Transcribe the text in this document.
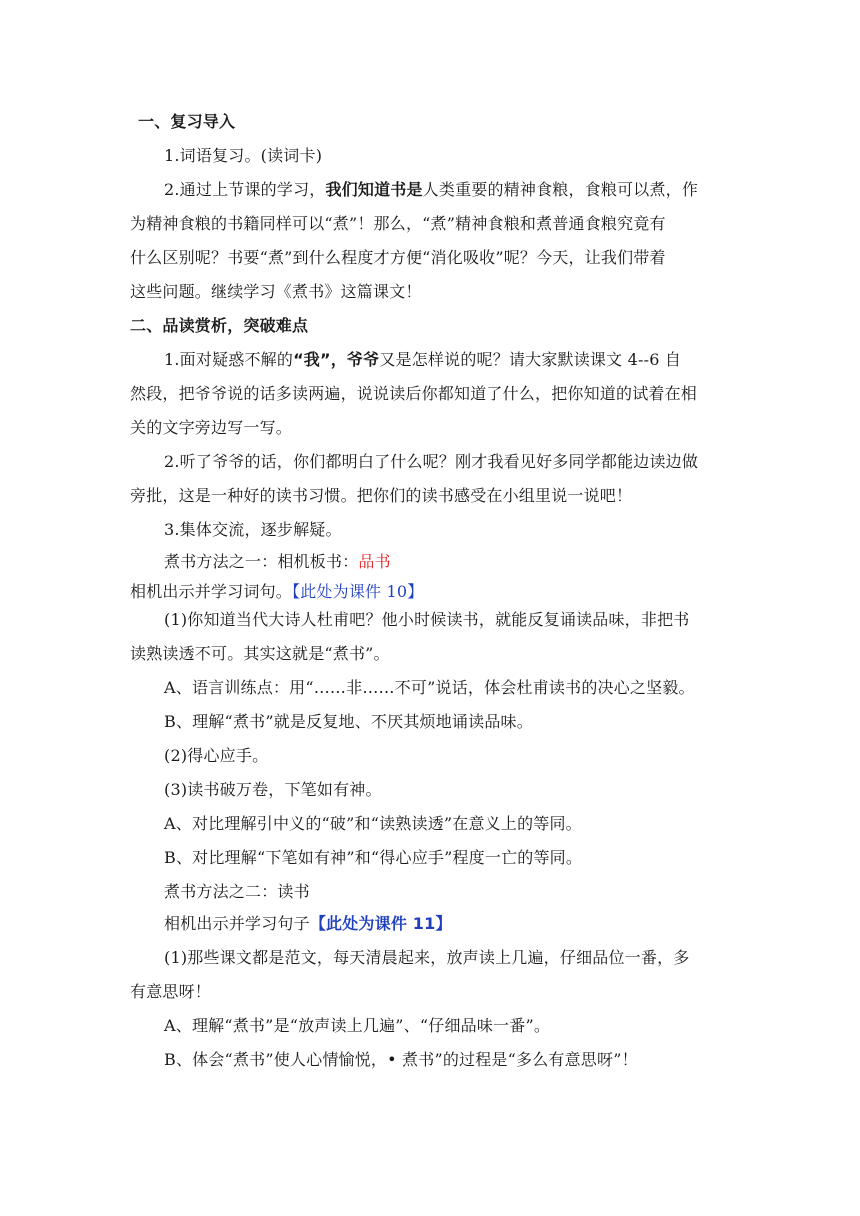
一、复习导入
1.词语复习。(读词卡)
2.通过上节课的学习，我们知道书是人类重要的精神食粮，食粮可以煮，作
为精神食粮的书籍同样可以“煮”！那么，“煮”精神食粮和煮普通食粮究竟有
什么区别呢？书要“煮”到什么程度才方便“消化吸收”呢？今天，让我们带着
这些问题。继续学习《煮书》这篇课文！
二、品读赏析，突破难点
1.面对疑惑不解的“我”，爷爷又是怎样说的呢？请大家默读课文 4--6 自
然段，把爷爷说的话多读两遍，说说读后你都知道了什么，把你知道的试着在相
关的文字旁边写一写。
2.听了爷爷的话，你们都明白了什么呢？刚才我看见好多同学都能边读边做
旁批，这是一种好的读书习惯。把你们的读书感受在小组里说一说吧！
3.集体交流，逐步解疑。
煮书方法之一：相机板书：品书
相机出示并学习词句。【此处为课件 10】
(1)你知道当代大诗人杜甫吧？他小时候读书，就能反复诵读品味，非把书
读熟读透不可。其实这就是“煮书”。
A、语言训练点：用“……非……不可”说话，体会杜甫读书的决心之坚毅。
B、理解“煮书”就是反复地、不厌其烦地诵读品味。
(2)得心应手。
(3)读书破万卷，下笔如有神。
A、对比理解引中义的“破”和“读熟读透”在意义上的等同。
B、对比理解“下笔如有神”和“得心应手”程度一亡的等同。
煮书方法之二：读书
相机出示并学习句子【此处为课件 11】
(1)那些课文都是范文，每天清晨起来，放声读上几遍，仔细品位一番，多
有意思呀！
A、理解“煮书”是“放声读上几遍”、“仔细品味一番”。
B、体会“煮书”使人心情愉悦，• 煮书”的过程是“多么有意思呀”！
